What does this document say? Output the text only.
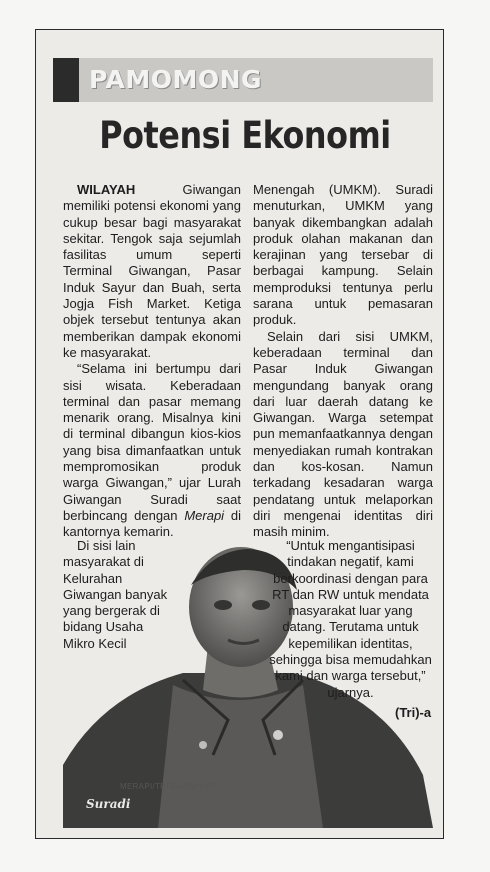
PAMOMONG
Potensi Ekonomi

WILAYAH Giwangan memiliki potensi ekonomi yang cukup besar bagi masyarakat sekitar. Tengok saja sejumlah fasilitas umum seperti Terminal Giwangan, Pasar Induk Sayur dan Buah, serta Jogja Fish Market. Ketiga objek tersebut tentunya akan memberikan dampak ekonomi ke masyarakat.

“Selama ini bertumpu dari sisi wisata. Keberadaan terminal dan pasar memang menarik orang. Misalnya kini di terminal dibangun kios-kios yang bisa dimanfaatkan untuk mempromosikan produk warga Giwangan,” ujar Lurah Giwangan Suradi saat berbincang dengan Merapi di kantornya kemarin.

Di sisi lain masyarakat di Kelurahan Giwangan banyak yang bergerak di bidang Usaha Mikro Kecil

Menengah (UMKM). Suradi menuturkan, UMKM yang banyak dikembangkan adalah produk olahan makanan dan kerajinan yang tersebar di berbagai kampung. Selain memproduksi tentunya perlu sarana untuk pemasaran produk.

Selain dari sisi UMKM, keberadaan terminal dan Pasar Induk Giwangan mengundang banyak orang dari luar daerah datang ke Giwangan. Warga setempat pun memanfaatkannya dengan menyediakan rumah kontrakan dan kos-kosan. Namun terkadang kesadaran warga pendatang untuk melaporkan diri mengenai identitas diri masih minim.

“Untuk mengantisipasi tindakan negatif, kami berkoordinasi dengan para RT dan RW untuk mendata masyarakat luar yang datang. Terutama untuk kepemilikan identitas, sehingga bisa memudahkan kami dan warga tersebut,” ujarnya.

(Tri)-a
MERAPI/TRI DARMIYATI
Suradi
